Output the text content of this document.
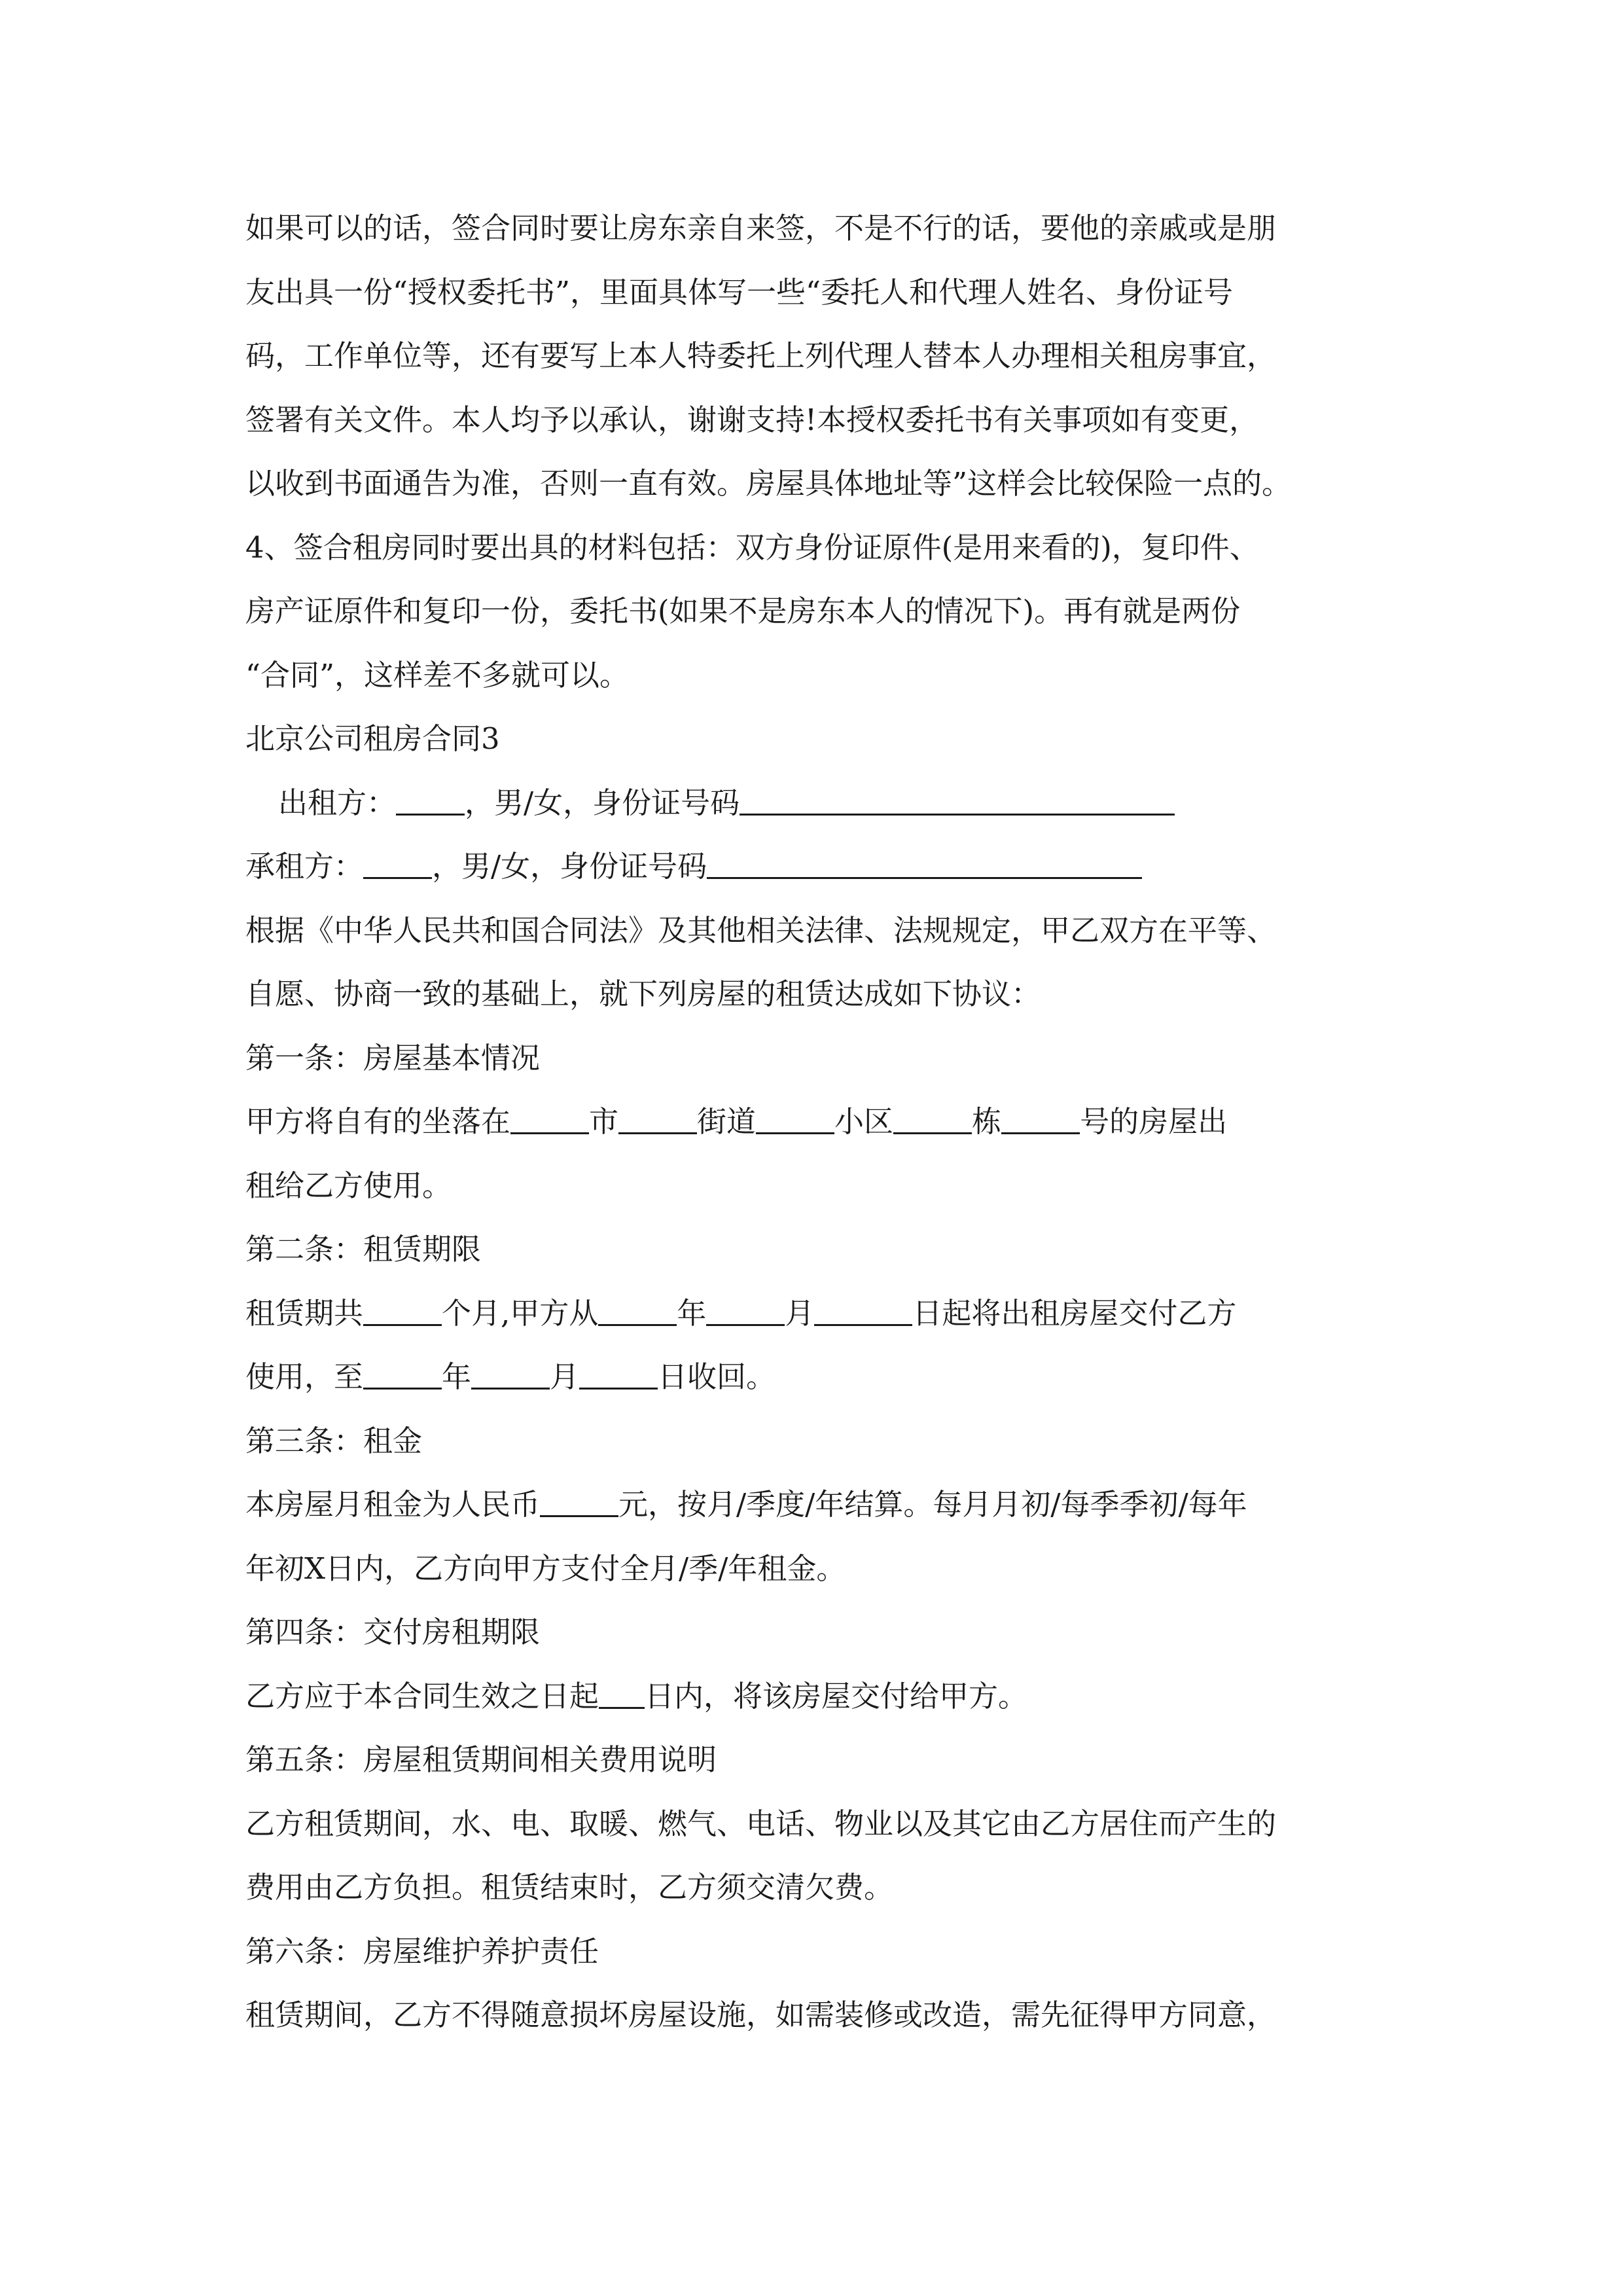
如果可以的话，签合同时要让房东亲自来签，不是不行的话，要他的亲戚或是朋
友出具一份“授权委托书”，里面具体写一些“委托人和代理人姓名、身份证号
码，工作单位等，还有要写上本人特委托上列代理人替本人办理相关租房事宜，
签署有关文件。本人均予以承认，谢谢支持!本授权委托书有关事项如有变更，
以收到书面通告为准，否则一直有效。房屋具体地址等”这样会比较保险一点的。
4、签合租房同时要出具的材料包括：双方身份证原件(是用来看的)，复印件、
房产证原件和复印一份，委托书(如果不是房东本人的情况下)。再有就是两份
“合同”，这样差不多就可以。
北京公司租房合同3
出租方： ，男/女，身份证号码
承租方： ，男/女，身份证号码
根据《中华人民共和国合同法》及其他相关法律、法规规定，甲乙双方在平等、
自愿、协商一致的基础上，就下列房屋的租赁达成如下协议：
第一条：房屋基本情况
甲方将自有的坐落在	市	街道	小区	栋	号的房屋出
租给乙方使用。
第二条：租赁期限
租赁期共	个月,甲方从	年	月	日起将出租房屋交付乙方
使用，至	年	月	日收回。
第三条：租金
本房屋月租金为人民币	元，按月/季度/年结算。每月月初/每季季初/每年
年初X日内，乙方向甲方支付全月/季/年租金。
第四条：交付房租期限
乙方应于本合同生效之日起 日内，将该房屋交付给甲方。
第五条：房屋租赁期间相关费用说明
乙方租赁期间，水、电、取暖、燃气、电话、物业以及其它由乙方居住而产生的
费用由乙方负担。租赁结束时，乙方须交清欠费。
第六条：房屋维护养护责任
租赁期间，乙方不得随意损坏房屋设施，如需装修或改造，需先征得甲方同意，
